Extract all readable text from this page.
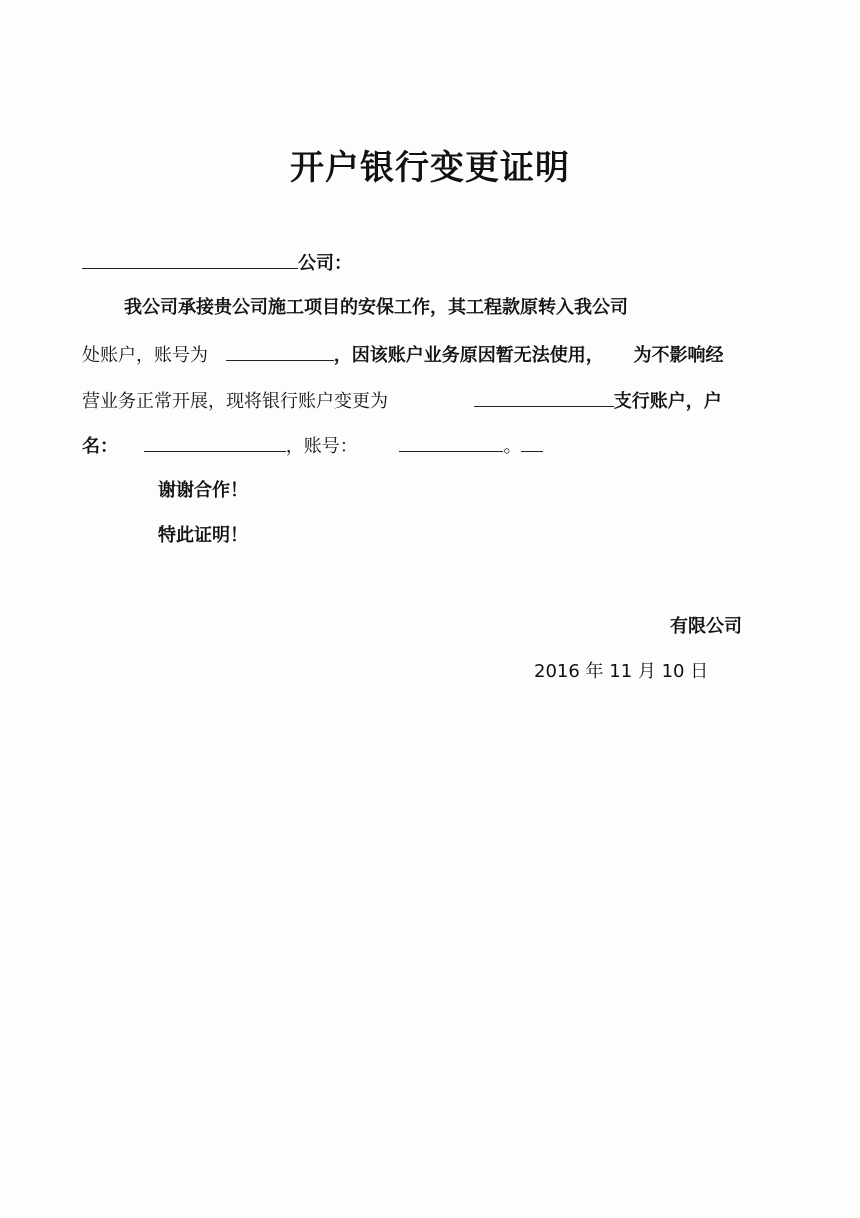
开户银行变更证明
公司：
我公司承接贵公司施工项目的安保工作，其工程款原转入我公司
处账户，账号为	，因该账户业务原因暂无法使用， 为不影响经
营业务正常开展，现将银行账户变更为	支行账户，户
名：	，账号：	。
谢谢合作！
特此证明！
有限公司
2016 年 11 月 10 日
